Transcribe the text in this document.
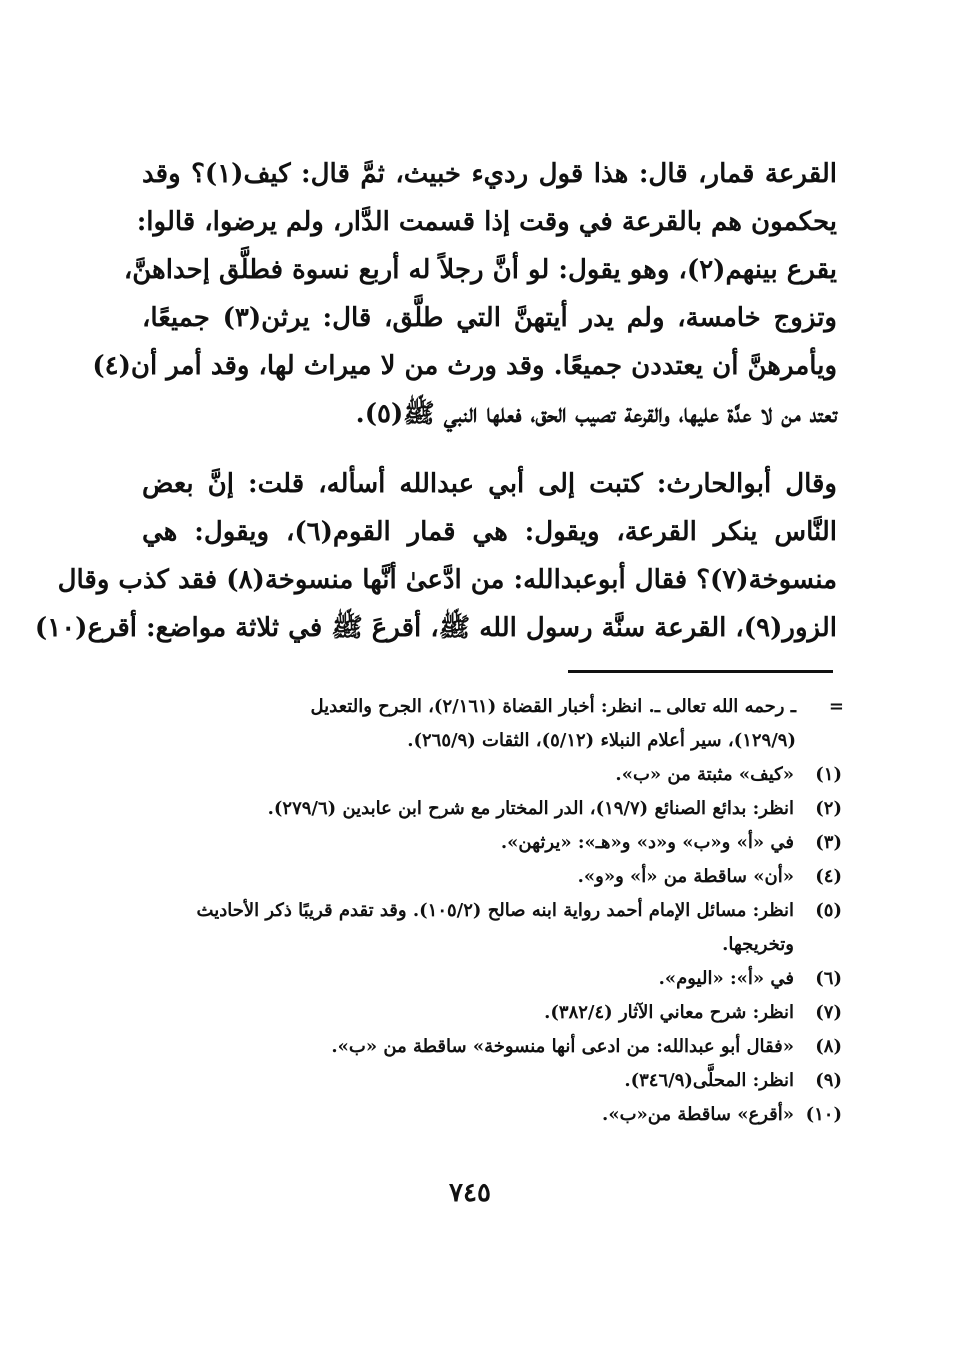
القرعة قمار، قال: هذا قول رديء خبيث، ثمَّ قال: كيف(١)؟ وقد
يحكمون هم بالقرعة في وقت إذا قسمت الدَّار، ولم يرضوا، قالوا:
يقرع بينهم(٢)، وهو يقول: لو أنَّ رجلاً له أربع نسوة فطلَّق إحداهنَّ،
وتزوج خامسة، ولم يدر أيتهنَّ التي طلَّق، قال: يرثن(٣) جميعًا،
ويأمرهنَّ أن يعتددن جميعًا. وقد ورث من لا ميراث لها، وقد أمر أن(٤)
تعتد من لا عدَّة عليها، والقرعة تصيب الحق، فعلها النبي ﷺ(٥).
وقال أبوالحارث: كتبت إلى أبي عبدالله أسأله، قلت: إنَّ بعض
النَّاس ينكر القرعة، ويقول: هي قمار القوم(٦)، ويقول: هي
منسوخة(٧)؟ فقال أبوعبدالله: من ادَّعىٰ أنَّها منسوخة(٨) فقد كذب وقال
الزور(٩)، القرعة سنَّة رسول الله ﷺ، أقرعَ ﷺ في ثلاثة مواضع: أقرع(١٠)
=
ـ رحمه الله تعالى ـ. انظر: أخبار القضاة (٢/١٦١)، الجرح والتعديل
(١٢٩/٩)، سير أعلام النبلاء (٥/١٢)، الثقات (٢٦٥/٩).
(١)
«كيف» مثبتة من «ب».
(٢)
انظر: بدائع الصنائع (١٩/٧)، الدر المختار مع شرح ابن عابدين (٢٧٩/٦).
(٣)
في «أ» و«ب» و«د» و«هـ»: «يرثهن».
(٤)
«أن» ساقطة من «أ» و«و».
(٥)
انظر: مسائل الإمام أحمد رواية ابنه صالح (١٠٥/٢). وقد تقدم قريبًا ذكر الأحاديث وتخريجها.
(٦)
في «أ»: «اليوم».
(٧)
انظر: شرح معاني الآثار (٣٨٢/٤).
(٨)
«فقال أبو عبدالله: من ادعى أنها منسوخة» ساقطة من «ب».
(٩)
انظر: المحلَّى(٣٤٦/٩).
(١٠)
«أقرع» ساقطة من«ب».
٧٤٥
